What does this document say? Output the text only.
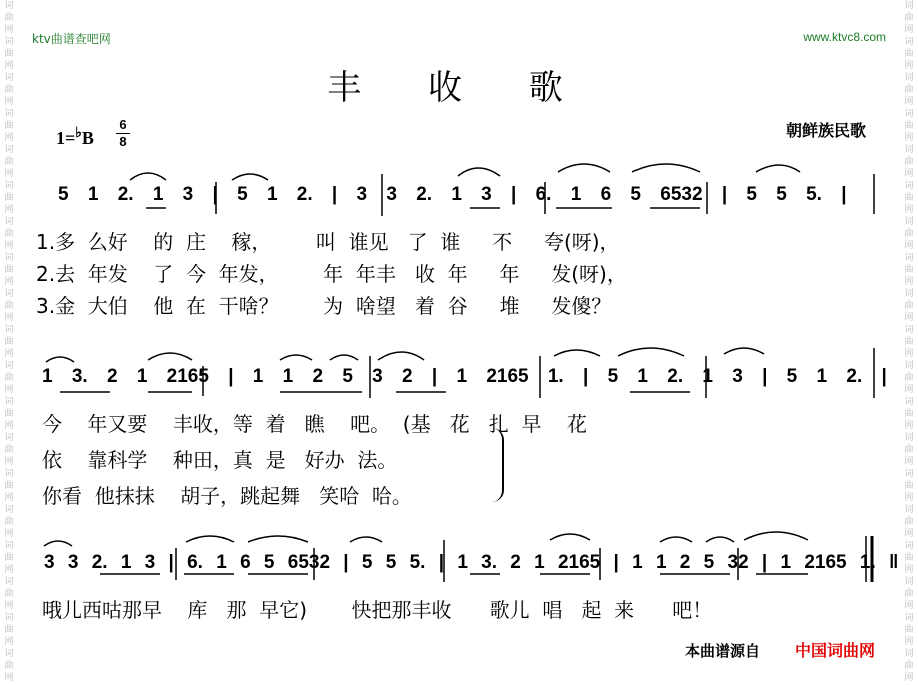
词
曲
网
词
曲
网
词
曲
网
词
曲
网
词
曲
网
词
曲
网
词
曲
网
词
曲
网
词
曲
网
词
曲
网
词
曲
网
词
曲
网
词
曲
网
词
曲
网
词
曲
网
词
曲
网
词
曲
网
词
曲
网
词
曲
网
词
曲
网
词
曲
网
词
曲
网
词
曲
网
词
曲
网
词
曲
网
词
曲
网
词
曲
网
词
曲
网
词
曲
网
词
曲
网
词
曲
网
词
曲
网
词
曲
网
词
曲
网
词
曲
网
词
曲
网
词
曲
网
词
曲
网
ktv曲谱查吧网	www.ktvc8.com
丰 收 歌
朝鲜族民歌
1=♭B
6
8
5 1 2. 1 3 | 5 1 2. | 3 3 2. 1 3 | 6. 1 6 5 6532 | 5 5 5. |
1 3. 2 1 2165 | 1 1 2 5 3 2 | 1 2165 1. | 5 1 2. 1 3 | 5 1 2. |
3 3 2. 1 3 | 6. 1 6 5 6532 | 5 5 5. | 1 3. 2 1 2165 | 1 1 2 5 32 | 1 2165 1. ‖
1.多  么好    的  庄    稼，       叫  谁见   了  谁     不     夸(呀)，
2.去  年发    了  今  年发，       年  年丰   收  年     年     发(呀)，
3.金  大伯    他  在  干啥？       为  啥望   着  谷     堆     发傻？
今    年又要    丰收，等  着   瞧    吧。  (基   花   扎  早    花
依    靠科学    种田，真  是   好办  法。
你看  他抹抹    胡子，跳起舞   笑哈  哈。
哦儿西咕那早    库   那  早它)       快把那丰收      歌儿  唱   起  来      吧！
本曲谱源自 中国词曲网
